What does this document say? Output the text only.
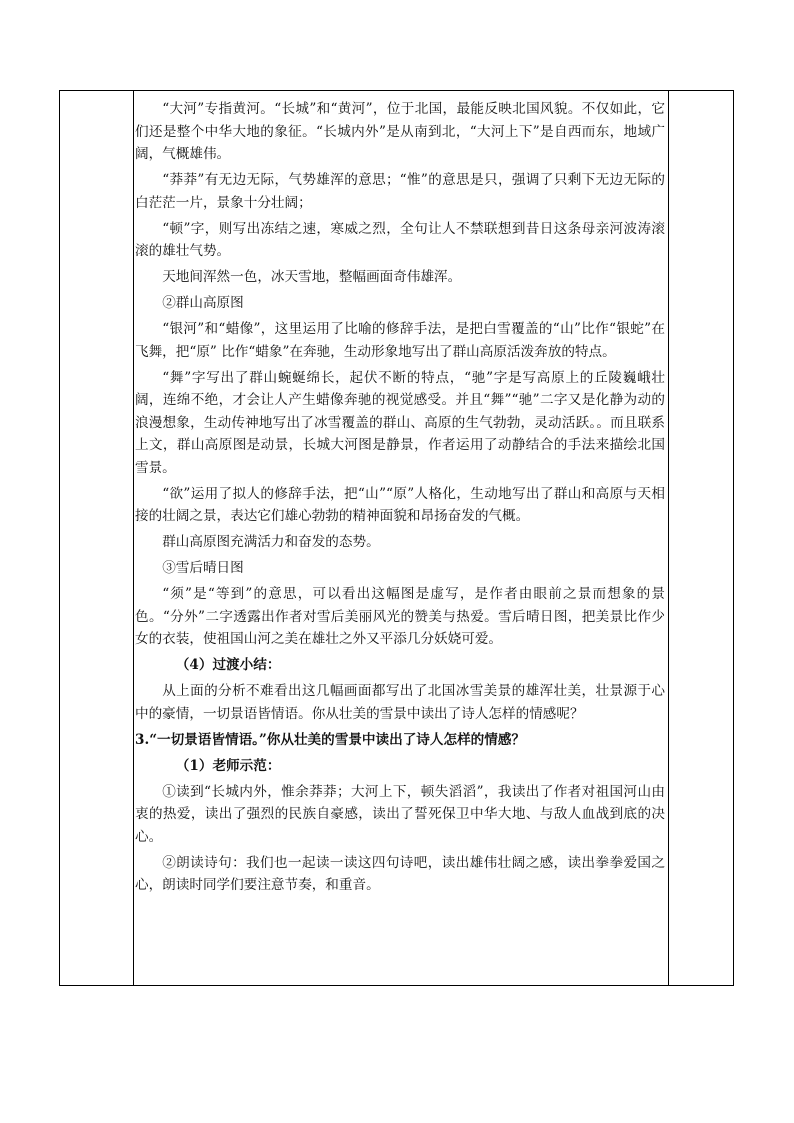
“大河”专指黄河。“长城”和“黄河”，位于北国，最能反映北国风貌。不仅如此，它们还是整个中华大地的象征。“长城内外”是从南到北，“大河上下”是自西而东，地域广阔，气概雄伟。

“莽莽”有无边无际，气势雄浑的意思；“惟”的意思是只，强调了只剩下无边无际的白茫茫一片，景象十分壮阔；

“顿”字，则写出冻结之速，寒威之烈，全句让人不禁联想到昔日这条母亲河波涛滚滚的雄壮气势。

天地间浑然一色，冰天雪地，整幅画面奇伟雄浑。

②群山高原图

“银河”和“蜡像”，这里运用了比喻的修辞手法，是把白雪覆盖的“山”比作“银蛇”在飞舞，把“原” 比作“蜡象”在奔驰，生动形象地写出了群山高原活泼奔放的特点。

“舞”字写出了群山蜿蜒绵长，起伏不断的特点，“驰”字是写高原上的丘陵巍峨壮阔，连绵不绝，才会让人产生蜡像奔驰的视觉感受。并且“舞”“驰”二字又是化静为动的浪漫想象，生动传神地写出了冰雪覆盖的群山、高原的生气勃勃，灵动活跃。。而且联系上文，群山高原图是动景，长城大河图是静景，作者运用了动静结合的手法来描绘北国雪景。

“欲”运用了拟人的修辞手法，把“山”“原”人格化，生动地写出了群山和高原与天相接的壮阔之景，表达它们雄心勃勃的精神面貌和昂扬奋发的气概。

群山高原图充满活力和奋发的态势。

③雪后晴日图

“须”是“等到”的意思，可以看出这幅图是虚写，是作者由眼前之景而想象的景色。“分外”二字透露出作者对雪后美丽风光的赞美与热爱。雪后晴日图，把美景比作少女的衣装，使祖国山河之美在雄壮之外又平添几分妖娆可爱。

（4）过渡小结：

从上面的分析不难看出这几幅画面都写出了北国冰雪美景的雄浑壮美，壮景源于心中的豪情，一切景语皆情语。你从壮美的雪景中读出了诗人怎样的情感呢？

3.“一切景语皆情语。”你从壮美的雪景中读出了诗人怎样的情感？

（1）老师示范：

①读到“长城内外，惟余莽莽；大河上下，顿失滔滔”，我读出了作者对祖国河山由衷的热爱，读出了强烈的民族自豪感，读出了誓死保卫中华大地、与敌人血战到底的决心。

②朗读诗句：我们也一起读一读这四句诗吧，读出雄伟壮阔之感，读出拳拳爱国之心，朗读时同学们要注意节奏，和重音。
